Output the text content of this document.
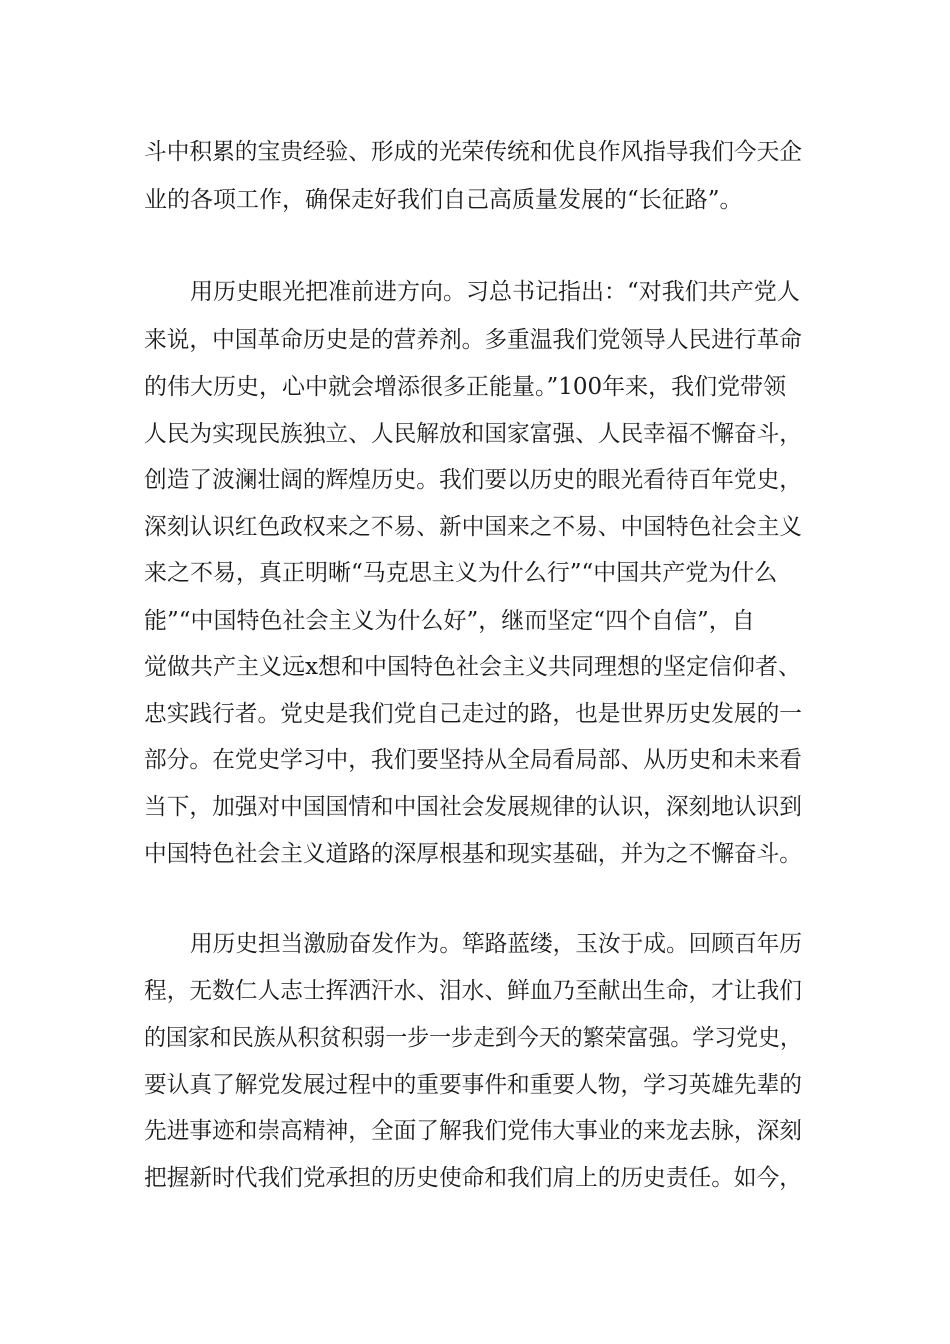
斗中积累的宝贵经验、形成的光荣传统和优良作风指导我们今天企
业的各项工作，确保走好我们自己高质量发展的“长征路”。
用历史眼光把准前进方向。习总书记指出：“对我们共产党人
来说，中国革命历史是的营养剂。多重温我们党领导人民进行革命
的伟大历史，心中就会增添很多正能量。”100年来，我们党带领
人民为实现民族独立、人民解放和国家富强、人民幸福不懈奋斗，
创造了波澜壮阔的辉煌历史。我们要以历史的眼光看待百年党史，
深刻认识红色政权来之不易、新中国来之不易、中国特色社会主义
来之不易，真正明晰“马克思主义为什么行”“中国共产党为什么
能”“中国特色社会主义为什么好”，继而坚定“四个自信”，自
觉做共产主义远x想和中国特色社会主义共同理想的坚定信仰者、
忠实践行者。党史是我们党自己走过的路，也是世界历史发展的一
部分。在党史学习中，我们要坚持从全局看局部、从历史和未来看
当下，加强对中国国情和中国社会发展规律的认识，深刻地认识到
中国特色社会主义道路的深厚根基和现实基础，并为之不懈奋斗。
用历史担当激励奋发作为。筚路蓝缕，玉汝于成。回顾百年历
程，无数仁人志士挥洒汗水、泪水、鲜血乃至献出生命，才让我们
的国家和民族从积贫积弱一步一步走到今天的繁荣富强。学习党史，
要认真了解党发展过程中的重要事件和重要人物，学习英雄先辈的
先进事迹和崇高精神，全面了解我们党伟大事业的来龙去脉，深刻
把握新时代我们党承担的历史使命和我们肩上的历史责任。如今，
